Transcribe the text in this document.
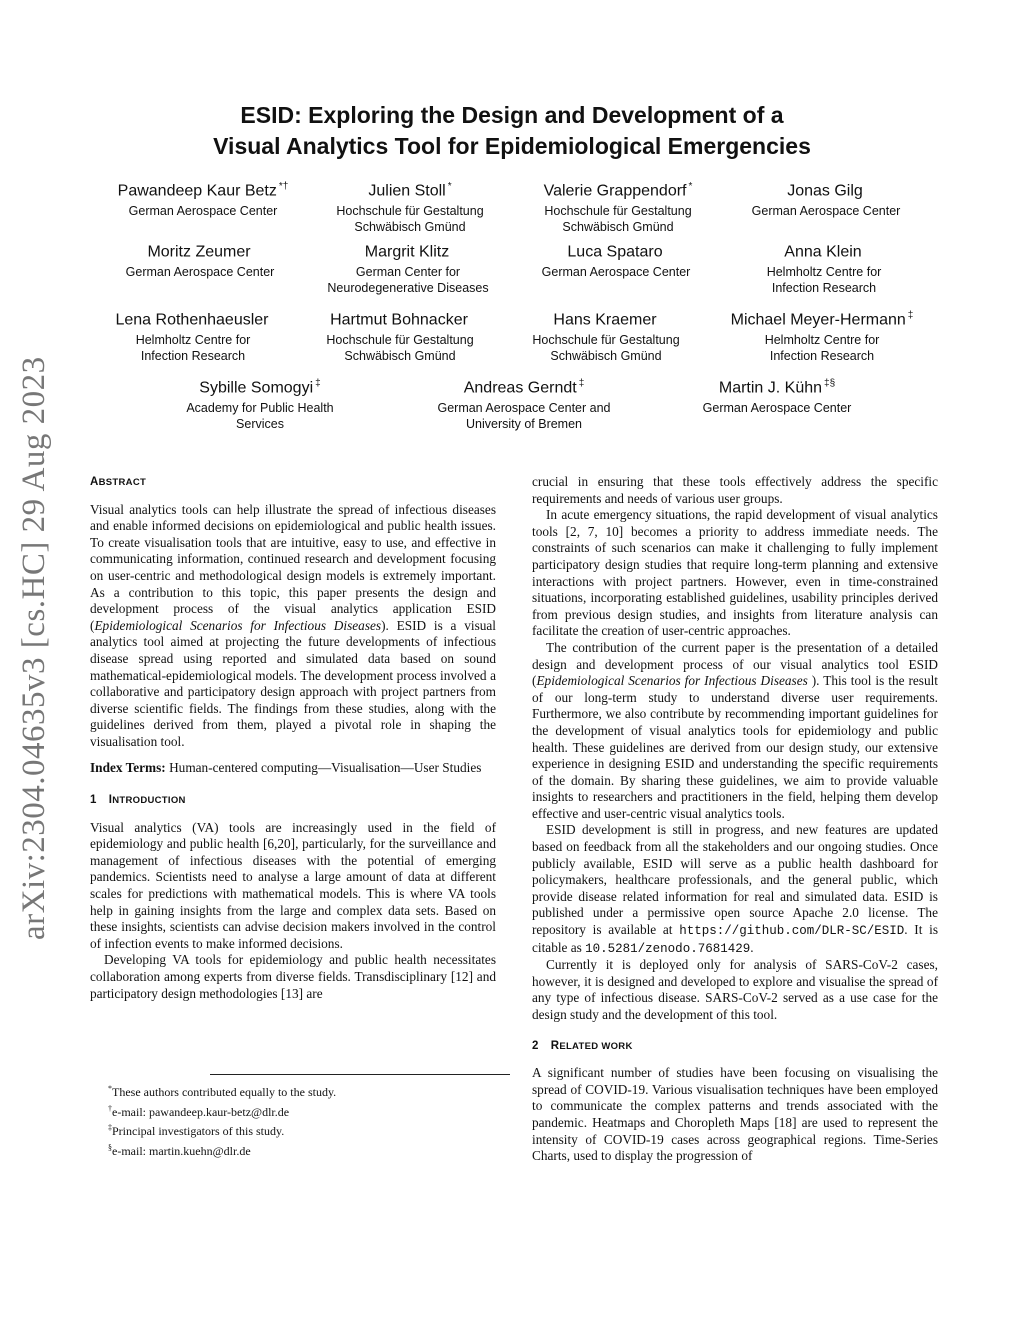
arXiv:2304.04635v3 [cs.HC] 29 Aug 2023
ESID: Exploring the Design and Development of a
Visual Analytics Tool for Epidemiological Emergencies
Pawandeep Kaur Betz *†
German Aerospace Center
Julien Stoll *
Hochschule für Gestaltung
Schwäbisch Gmünd
Valerie Grappendorf *
Hochschule für Gestaltung
Schwäbisch Gmünd
Jonas Gilg
German Aerospace Center
Moritz Zeumer
German Aerospace Center
Margrit Klitz
German Center for
Neurodegenerative Diseases
Luca Spataro
German Aerospace Center
Anna Klein
Helmholtz Centre for
Infection Research
Lena Rothenhaeusler
Helmholtz Centre for
Infection Research
Hartmut Bohnacker
Hochschule für Gestaltung
Schwäbisch Gmünd
Hans Kraemer
Hochschule für Gestaltung
Schwäbisch Gmünd
Michael Meyer-Hermann ‡
Helmholtz Centre for
Infection Research
Sybille Somogyi ‡
Academy for Public Health
Services
Andreas Gerndt ‡
German Aerospace Center and
University of Bremen
Martin J. Kühn ‡§
German Aerospace Center
ABSTRACT

Visual analytics tools can help illustrate the spread of infectious diseases and enable informed decisions on epidemiological and public health issues. To create visualisation tools that are intuitive, easy to use, and effective in communicating information, continued research and development focusing on user-centric and methodological design models is extremely important. As a contribution to this topic, this paper presents the design and development process of the visual analytics application ESID (Epidemiological Scenarios for Infectious Diseases). ESID is a visual analytics tool aimed at projecting the future developments of infectious disease spread using reported and simulated data based on sound mathematical-epidemiological models. The development process involved a collaborative and participatory design approach with project partners from diverse scientific fields. The findings from these studies, along with the guidelines derived from them, played a pivotal role in shaping the visualisation tool.

Index Terms: Human-centered computing—Visualisation—User Studies

1 INTRODUCTION

Visual analytics (VA) tools are increasingly used in the field of epidemiology and public health [6,20], particularly, for the surveillance and management of infectious diseases with the potential of emerging pandemics. Scientists need to analyse a large amount of data at different scales for predictions with mathematical models. This is where VA tools help in gaining insights from the large and complex data sets. Based on these insights, scientists can advise decision makers involved in the control of infection events to make informed decisions.

Developing VA tools for epidemiology and public health necessitates collaboration among experts from diverse fields. Transdisciplinary [12] and participatory design methodologies [13] are

*These authors contributed equally to the study.
†e-mail: pawandeep.kaur-betz@dlr.de
‡Principal investigators of this study.
§e-mail: martin.kuehn@dlr.de

crucial in ensuring that these tools effectively address the specific requirements and needs of various user groups.

In acute emergency situations, the rapid development of visual analytics tools [2, 7, 10] becomes a priority to address immediate needs. The constraints of such scenarios can make it challenging to fully implement participatory design studies that require long-term planning and extensive interactions with project partners. However, even in time-constrained situations, incorporating established guidelines, usability principles derived from previous design studies, and insights from literature analysis can facilitate the creation of user-centric approaches.

The contribution of the current paper is the presentation of a detailed design and development process of our visual analytics tool ESID (Epidemiological Scenarios for Infectious Diseases ). This tool is the result of our long-term study to understand diverse user requirements. Furthermore, we also contribute by recommending important guidelines for the development of visual analytics tools for epidemiology and public health. These guidelines are derived from our design study, our extensive experience in designing ESID and understanding the specific requirements of the domain. By sharing these guidelines, we aim to provide valuable insights to researchers and practitioners in the field, helping them develop effective and user-centric visual analytics tools.

ESID development is still in progress, and new features are updated based on feedback from all the stakeholders and our ongoing studies. Once publicly available, ESID will serve as a public health dashboard for policymakers, healthcare professionals, and the general public, which provide disease related information for real and simulated data. ESID is published under a permissive open source Apache 2.0 license. The repository is available at https://github.com/DLR-SC/ESID. It is citable as 10.5281/zenodo.7681429.

Currently it is deployed only for analysis of SARS-CoV-2 cases, however, it is designed and developed to explore and visualise the spread of any type of infectious disease. SARS-CoV-2 served as a use case for the design study and the development of this tool.

2 RELATED WORK

A significant number of studies have been focusing on visualising the spread of COVID-19. Various visualisation techniques have been employed to communicate the complex patterns and trends associated with the pandemic. Heatmaps and Choropleth Maps [18] are used to represent the intensity of COVID-19 cases across geographical regions. Time-Series Charts, used to display the progression of
